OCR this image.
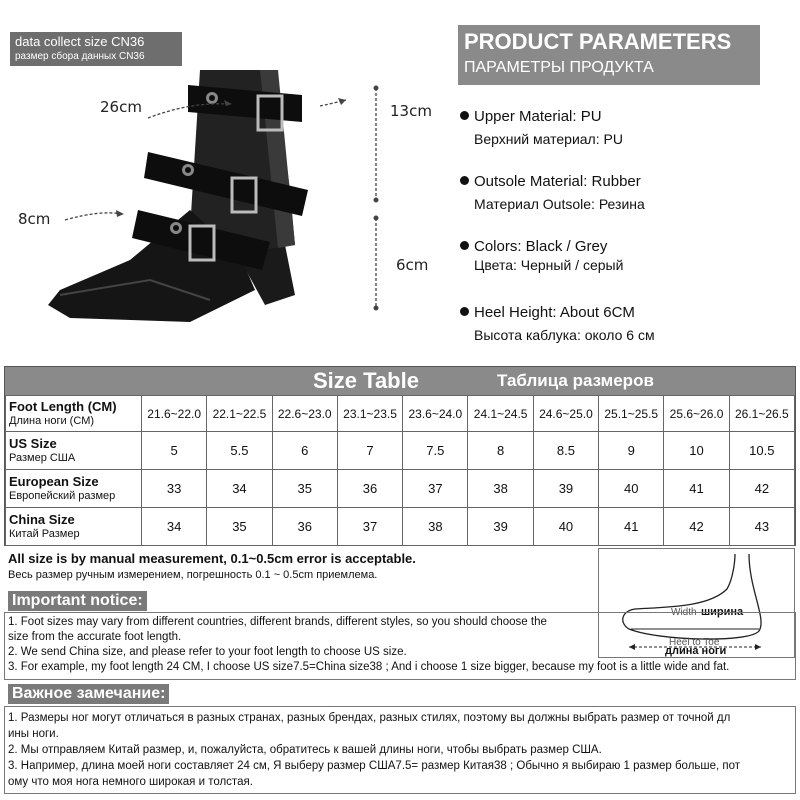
data collect size CN36
размер сбора данных CN36
26cm
8cm
13cm
6cm
PRODUCT PARAMETERS
ПАРАМЕТРЫ ПРОДУКТА
Upper Material: PU
Верхний материал: PU
Outsole Material: Rubber
Материал Outsole: Резина
Colors: Black / Grey
Цвета: Черный / серый
Heel Height: About 6CM
Высота каблука: около 6 см
Size Table	Таблица размеров
Foot Length (CM)
Длина ноги (CM)	21.6~22.0	22.1~22.5	22.6~23.0	23.1~23.5	23.6~24.0	24.1~24.5	24.6~25.0	25.1~25.5	25.6~26.0	26.1~26.5

US Size
Размер США	5	5.5	6	7	7.5	8	8.5	9	10	10.5

European Size
Европейский размер	33	34	35	36	37	38	39	40	41	42

China Size
Китай Размер	34	35	36	37	38	39	40	41	42	43
All size is by manual measurement, 0.1~0.5cm error is acceptable.
Весь размер ручным измерением, погрешность 0.1 ~ 0.5cm приемлема.
Width ширина
Heel to Toe
длина ноги
Important notice:
1. Foot sizes may vary from different countries, different brands, different styles, so you should choose the
size from the accurate foot length.
2. We send China size, and please refer to your foot length to choose US size.
3. For example, my foot length 24 CM, I choose US size7.5=China size38 ; And i choose 1 size bigger, because my foot is a little wide and fat.
Важное замечание:
1. Размеры ног могут отличаться в разных странах, разных брендах, разных стилях, поэтому вы должны выбрать размер от точной дл
ины ноги.
2. Мы отправляем Китай размер, и, пожалуйста, обратитесь к вашей длины ноги, чтобы выбрать размер США.
3. Например, длина моей ноги составляет 24 см, Я выберу размер США7.5= размер Китая38 ; Обычно я выбираю 1 размер больше, пот
ому что моя нога немного широкая и толстая.
